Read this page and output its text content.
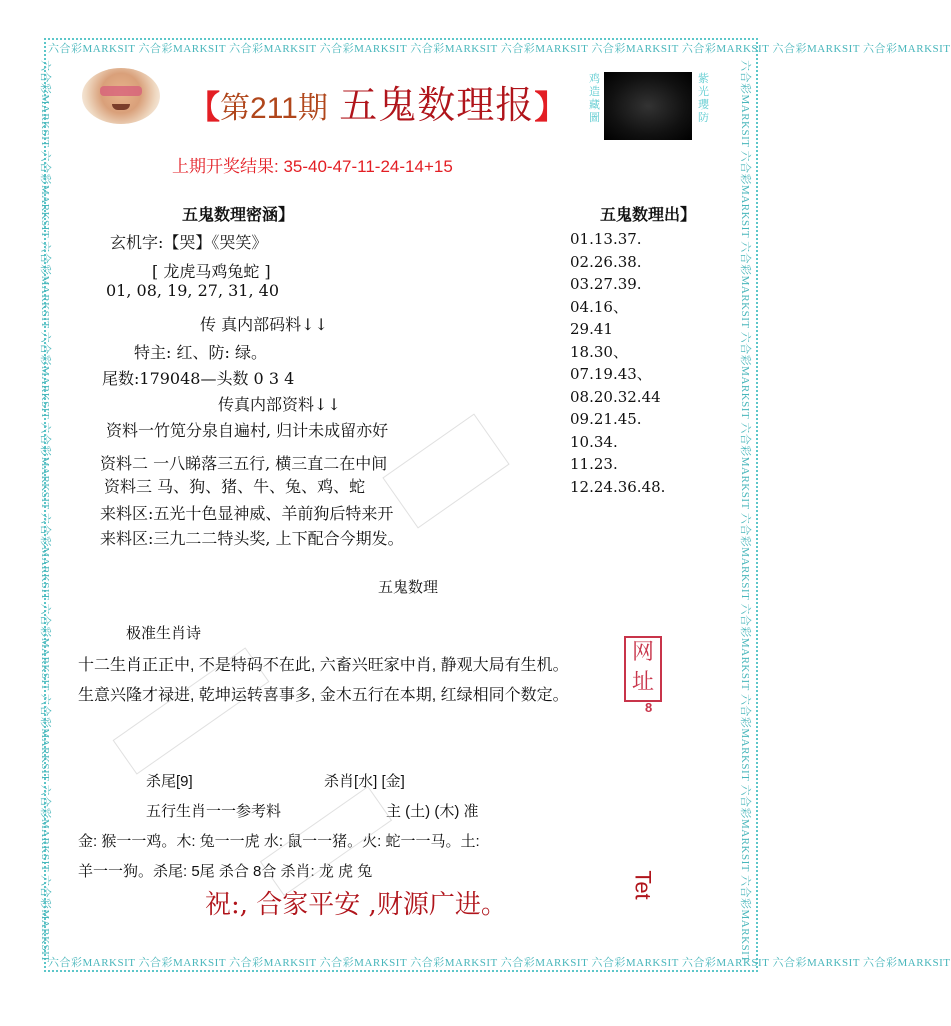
六合彩MARKSIT 六合彩MARKSIT 六合彩MARKSIT 六合彩MARKSIT 六合彩MARKSIT 六合彩MARKSIT 六合彩MARKSIT 六合彩MARKSIT 六合彩MARKSIT 六合彩MARKSIT
六合彩MARKSIT 六合彩MARKSIT 六合彩MARKSIT 六合彩MARKSIT 六合彩MARKSIT 六合彩MARKSIT 六合彩MARKSIT 六合彩MARKSIT 六合彩MARKSIT 六合彩MARKSIT
六合彩MARKSIT 六合彩MARKSIT 六合彩MARKSIT 六合彩MARKSIT 六合彩MARKSIT 六合彩MARKSIT 六合彩MARKSIT 六合彩MARKSIT 六合彩MARKSIT 六合彩MARKSIT	六合彩MARKSIT 六合彩MARKSIT 六合彩MARKSIT 六合彩MARKSIT 六合彩MARKSIT 六合彩MARKSIT 六合彩MARKSIT 六合彩MARKSIT 六合彩MARKSIT 六合彩MARKSIT
【第211期 五鬼数理报】
鸡造藏圖
紫光瓔防
上期开奖结果: 35-40-47-11-24-14+15
五鬼数理密涵】
玄机字:【哭】《哭笑》
[ 龙虎马鸡兔蛇 ]
01, 08, 19, 27, 31, 40
传 真内部码料↓↓
特主: 红、防: 绿。
尾数:179048—头数 0 3 4
传真内部资料↓↓
资料一竹笕分泉自遍村, 归计未成留亦好
资料二 一八睇落三五行, 横三直二在中间
资料三 马、狗、猪、牛、兔、鸡、蛇
来料区:五光十色显神威、羊前狗后特来开
来料区:三九二二特头奖, 上下配合今期发。
五鬼数理出】
01.13.37.
02.26.38.
03.27.39.
04.16、
29.41
18.30、
07.19.43、
08.20.32.44
09.21.45.
10.34.
11.23.
12.24.36.48.
五鬼数理
极准生肖诗
十二生肖正正中, 不是特码不在此, 六畜兴旺家中肖, 静观大局有生机。
生意兴隆才禄进, 乾坤运转喜事多, 金木五行在本期, 红绿相同个数定。
杀尾[9]	杀肖[水] [金]
五行生肖一一参考料	主 (土) (木) 准
金: 猴一一鸡。木: 兔一一虎 水: 鼠一一猪。火: 蛇一一马。土:
羊一一狗。杀尾: 5尾 杀合 8合 杀肖: 龙 虎 兔
祝:, 合家平安 ,财源广进。
网址
8
Tet
